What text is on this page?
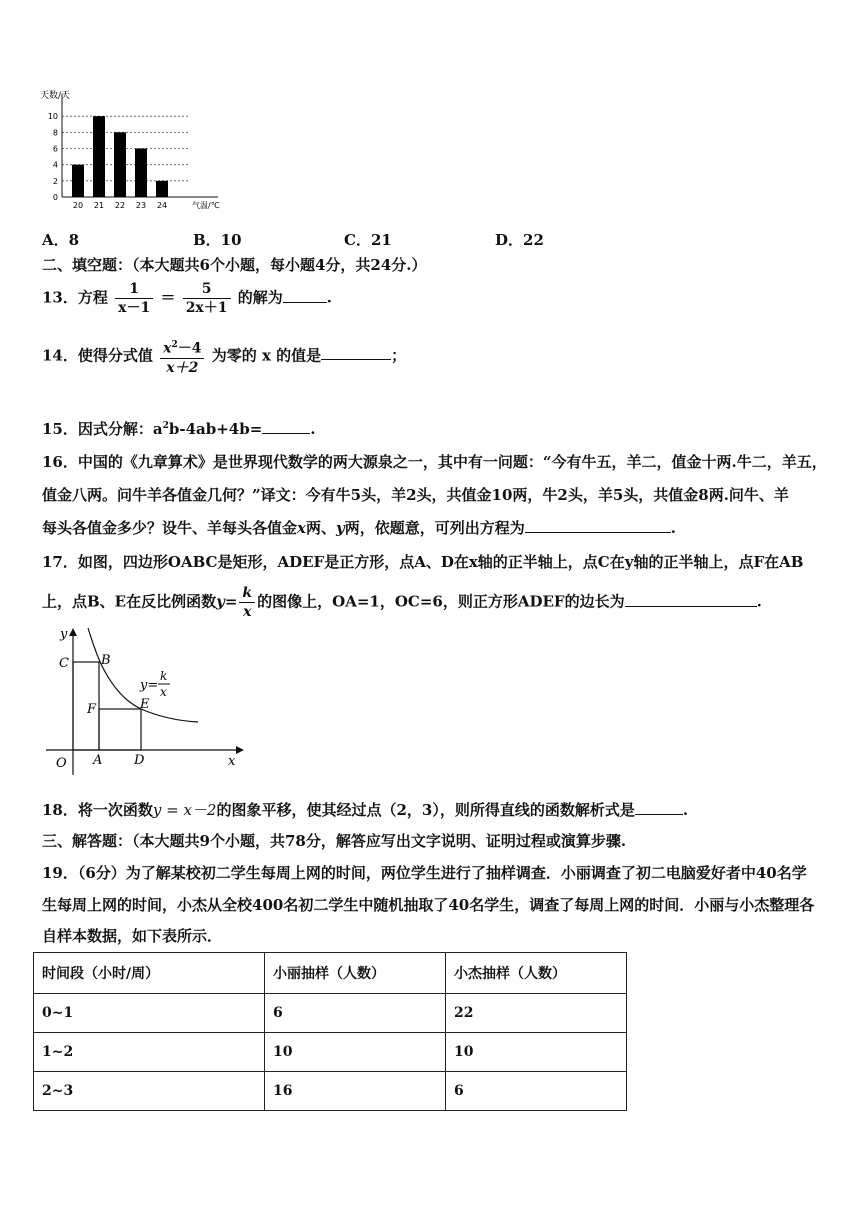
0
2
4
6
8
10
天数/天
气温/℃
20 21 22 23 24
A．8	B．10	C．21	D．22
二、填空题：（本大题共6个小题，每小题4分，共24分.）
13．方程 $\frac{1}{x-1} = \frac{5}{2x+1}$ 的解为	.
14．使得分式值 $\frac{x^2-4}{x+2}$ 为零的 x 的值是	；
15．因式分解：$a^2b-4ab+4b=$	.
16．中国的《九章算术》是世界现代数学的两大源泉之一，其中有一问题：“今有牛五，羊二，值金十两.牛二，羊五，
值金八两。问牛羊各值金几何？”译文：今有牛5头，羊2头，共值金10两，牛2头，羊5头，共值金8两.问牛、羊
每头各值金多少？设牛、羊每头各值金x两、y两，依题意，可列出方程为	.
17．如图，四边形OABC是矩形，ADEF是正方形，点A、D在x轴的正半轴上，点C在y轴的正半轴上，点F在AB
上，点B、E在反比例函数$y= \frac{k}{x}$ 的图像上，OA=1，OC=6，则正方形ADEF的边长为	.
y
x
O A D
C B
F	E
y=
k
x
18．将一次函数y = x－2的图象平移，使其经过点（2，3），则所得直线的函数解析式是	.
三、解答题：（本大题共9个小题，共78分，解答应写出文字说明、证明过程或演算步骤.
19．（6分）为了解某校初二学生每周上网的时间，两位学生进行了抽样调查．小丽调查了初二电脑爱好者中40名学
生每周上网的时间，小杰从全校400名初二学生中随机抽取了40名学生，调查了每周上网的时间．小丽与小杰整理各
自样本数据，如下表所示．
时间段（小时/周）	小丽抽样（人数）	小杰抽样（人数）
0~1	6	22
1~2	10	10
2~3	16	6
